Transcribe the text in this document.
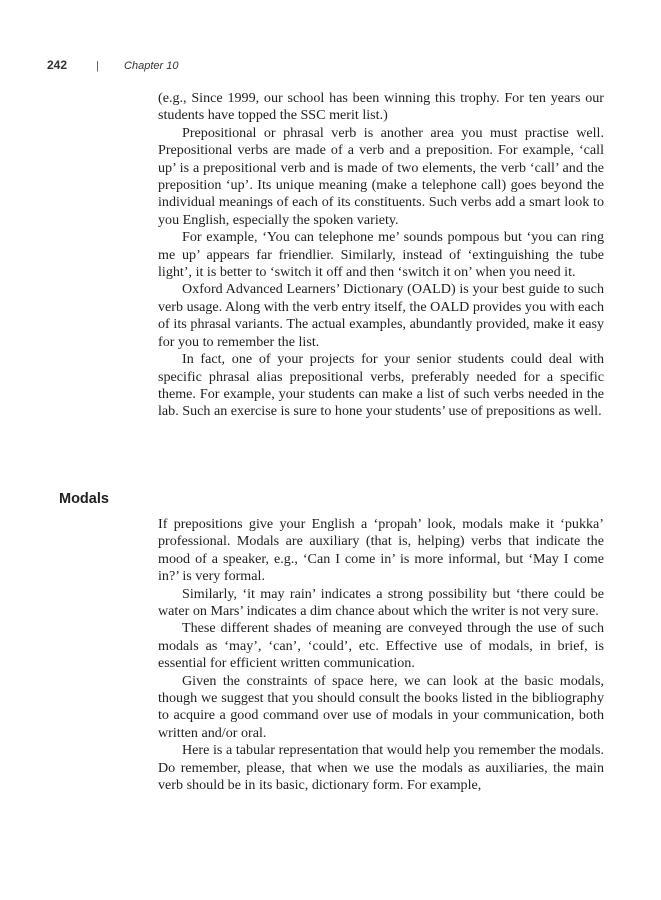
242	| Chapter 10

(e.g., Since 1999, our school has been winning this trophy. For ten years our students have topped the SSC merit list.)

Prepositional or phrasal verb is another area you must practise well. Prepositional verbs are made of a verb and a preposition. For example, ‘call up’ is a prepositional verb and is made of two elements, the verb ‘call’ and the preposition ‘up’. Its unique meaning (make a telephone call) goes beyond the individual meanings of each of its constituents. Such verbs add a smart look to you English, especially the spoken variety.

For example, ‘You can telephone me’ sounds pompous but ‘you can ring me up’ appears far friendlier. Similarly, instead of ‘extinguishing the tube light’, it is better to ‘switch it off and then ‘switch it on’ when you need it.

Oxford Advanced Learners’ Dictionary (OALD) is your best guide to such verb usage. Along with the verb entry itself, the OALD provides you with each of its phrasal variants. The actual examples, abundantly provided, make it easy for you to remember the list.

In fact, one of your projects for your senior students could deal with specific phrasal alias prepositional verbs, preferably needed for a specific theme. For example, your students can make a list of such verbs needed in the lab. Such an exercise is sure to hone your students’ use of prepositions as well.

Modals

If prepositions give your English a ‘propah’ look, modals make it ‘pukka’ professional. Modals are auxiliary (that is, helping) verbs that indicate the mood of a speaker, e.g., ‘Can I come in’ is more informal, but ‘May I come in?’ is very formal.

Similarly, ‘it may rain’ indicates a strong possibility but ‘there could be water on Mars’ indicates a dim chance about which the writer is not very sure.

These different shades of meaning are conveyed through the use of such modals as ‘may’, ‘can’, ‘could’, etc. Effective use of modals, in brief, is essential for efficient written communication.

Given the constraints of space here, we can look at the basic modals, though we suggest that you should consult the books listed in the bibliography to acquire a good command over use of modals in your communication, both written and/or oral.

Here is a tabular representation that would help you remember the modals. Do remember, please, that when we use the modals as auxiliaries, the main verb should be in its basic, dictionary form. For example,
